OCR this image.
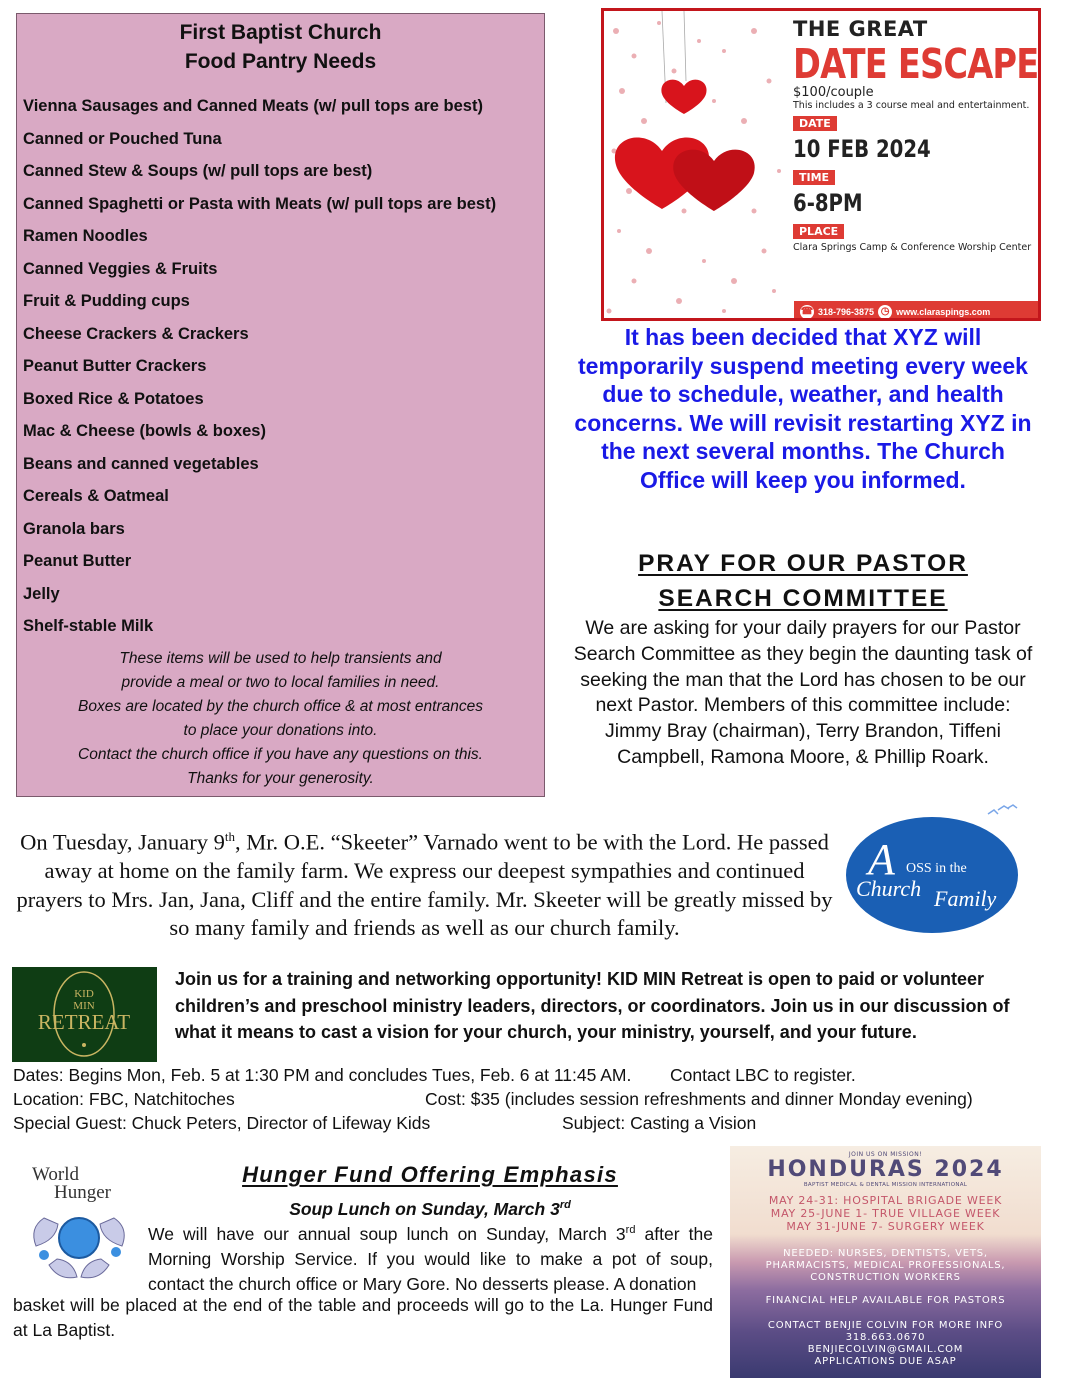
First Baptist Church
Food Pantry Needs
Vienna Sausages and Canned Meats (w/ pull tops are best)
Canned or Pouched Tuna
Canned Stew & Soups (w/ pull tops are best)
Canned Spaghetti or Pasta with Meats (w/ pull tops are best)
Ramen Noodles
Canned Veggies & Fruits
Fruit & Pudding cups
Cheese Crackers & Crackers
Peanut Butter Crackers
Boxed Rice & Potatoes
Mac & Cheese (bowls & boxes)
Beans and canned vegetables
Cereals & Oatmeal
Granola bars
Peanut Butter
Jelly
Shelf-stable Milk
These items will be used to help transients and
provide a meal or two to local families in need.
Boxes are located by the church office & at most entrances
to place your donations into.
Contact the church office if you have any questions on this.
Thanks for your generosity.
THE GREAT
DATE ESCAPE
$100/couple
This includes a 3 course meal and entertainment.
DATE
10 FEB 2024
TIME
6-8PM
PLACE
Clara Springs Camp & Conference Worship Center
☎ 318-796-3875 ◷ www.claraspings.com
It has been decided that XYZ will temporarily suspend meeting every week due to schedule, weather, and health concerns. We will revisit restarting XYZ in the next several months. The Church Office will keep you informed.
PRAY FOR OUR PASTOR
SEARCH COMMITTEE
We are asking for your daily prayers for our Pastor Search Committee as they begin the daunting task of seeking the man that the Lord has chosen to be our next Pastor. Members of this committee include: Jimmy Bray (chairman), Terry Brandon, Tiffeni Campbell, Ramona Moore, & Phillip Roark.
On Tuesday, January 9th, Mr. O.E. “Skeeter” Varnado went to be with the Lord. He passed away at home on the family farm. We express our deepest sympathies and continued prayers to Mrs. Jan, Jana, Cliff and the entire family. Mr. Skeeter will be greatly missed by so many family and friends as well as our church family.
A OSS in the
Church Family
KID
MIN
RETREAT
Join us for a training and networking opportunity! KID MIN Retreat is open to paid or volunteer children’s and preschool ministry leaders, directors, or coordinators. Join us in our discussion of what it means to cast a vision for your church, your ministry, yourself, and your future.
Dates: Begins Mon, Feb. 5 at 1:30 PM and concludes Tues, Feb. 6 at 11:45 AM. Contact LBC to register.
Location: FBC, Natchitoches	Cost: $35 (includes session refreshments and dinner Monday evening)
Special Guest: Chuck Peters, Director of Lifeway Kids	Subject: Casting a Vision
World
Hunger
Hunger Fund Offering Emphasis
Soup Lunch on Sunday, March 3rd
We will have our annual soup lunch on Sunday, March 3rd after the Morning Worship Service. If you would like to make a pot of soup, contact the church office or Mary Gore. No desserts please. A donation
basket will be placed at the end of the table and proceeds will go to the La. Hunger Fund at La Baptist.
JOIN US ON MISSION!
HONDURAS 2024
BAPTIST MEDICAL & DENTAL MISSION INTERNATIONAL
MAY 24-31: HOSPITAL BRIGADE WEEK
MAY 25-JUNE 1- TRUE VILLAGE WEEK
MAY 31-JUNE 7- SURGERY WEEK
NEEDED: NURSES, DENTISTS, VETS,
PHARMACISTS, MEDICAL PROFESSIONALS,
CONSTRUCTION WORKERS
FINANCIAL HELP AVAILABLE FOR PASTORS
CONTACT BENJIE COLVIN FOR MORE INFO
318.663.0670
BENJIECOLVIN@GMAIL.COM
APPLICATIONS DUE ASAP
